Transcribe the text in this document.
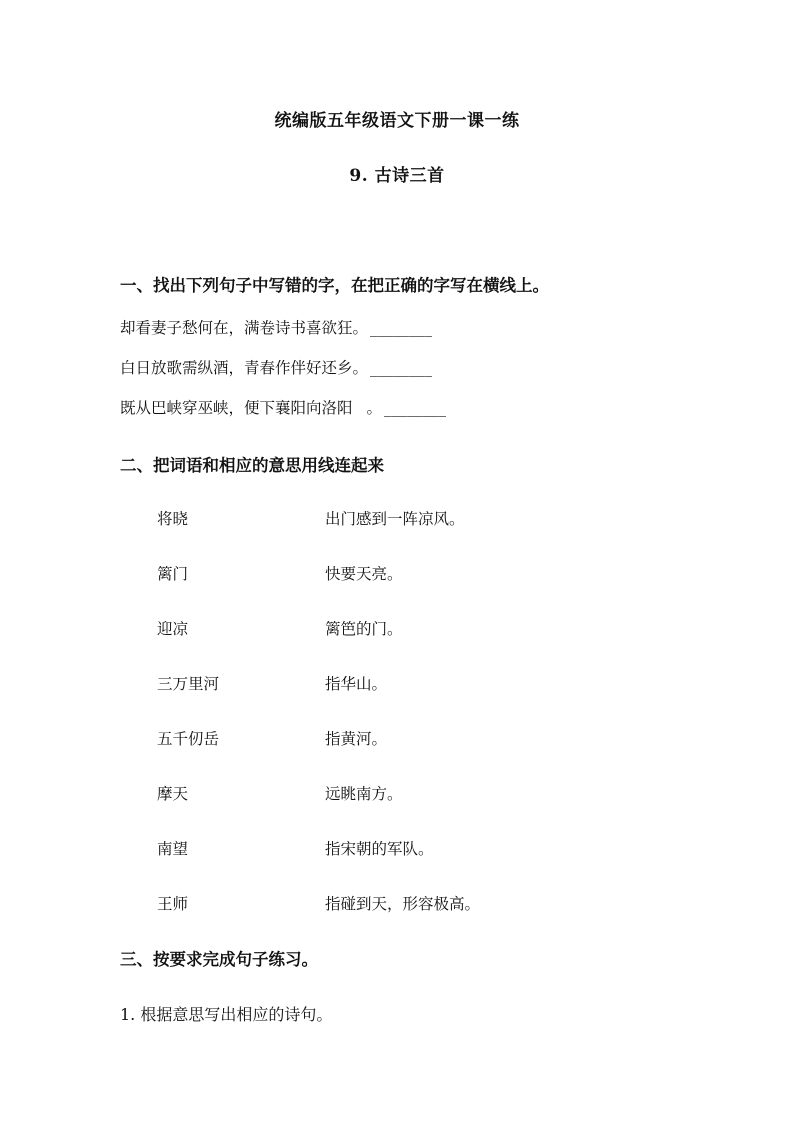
统编版五年级语文下册一课一练
9. 古诗三首
一、找出下列句子中写错的字，在把正确的字写在横线上。
却看妻子愁何在，满卷诗书喜欲狂。 ________
白日放歌需纵酒，青春作伴好还乡。 ________
既从巴峡穿巫峡，便下襄阳向洛阳 。 ________
二、把词语和相应的意思用线连起来
将晓	出门感到一阵凉风。
篱门	快要天亮。
迎凉	篱笆的门。
三万里河	指华山。
五千仞岳	指黄河。
摩天	远眺南方。
南望	指宋朝的军队。
王师	指碰到天，形容极高。
三、按要求完成句子练习。
1. 根据意思写出相应的诗句。
